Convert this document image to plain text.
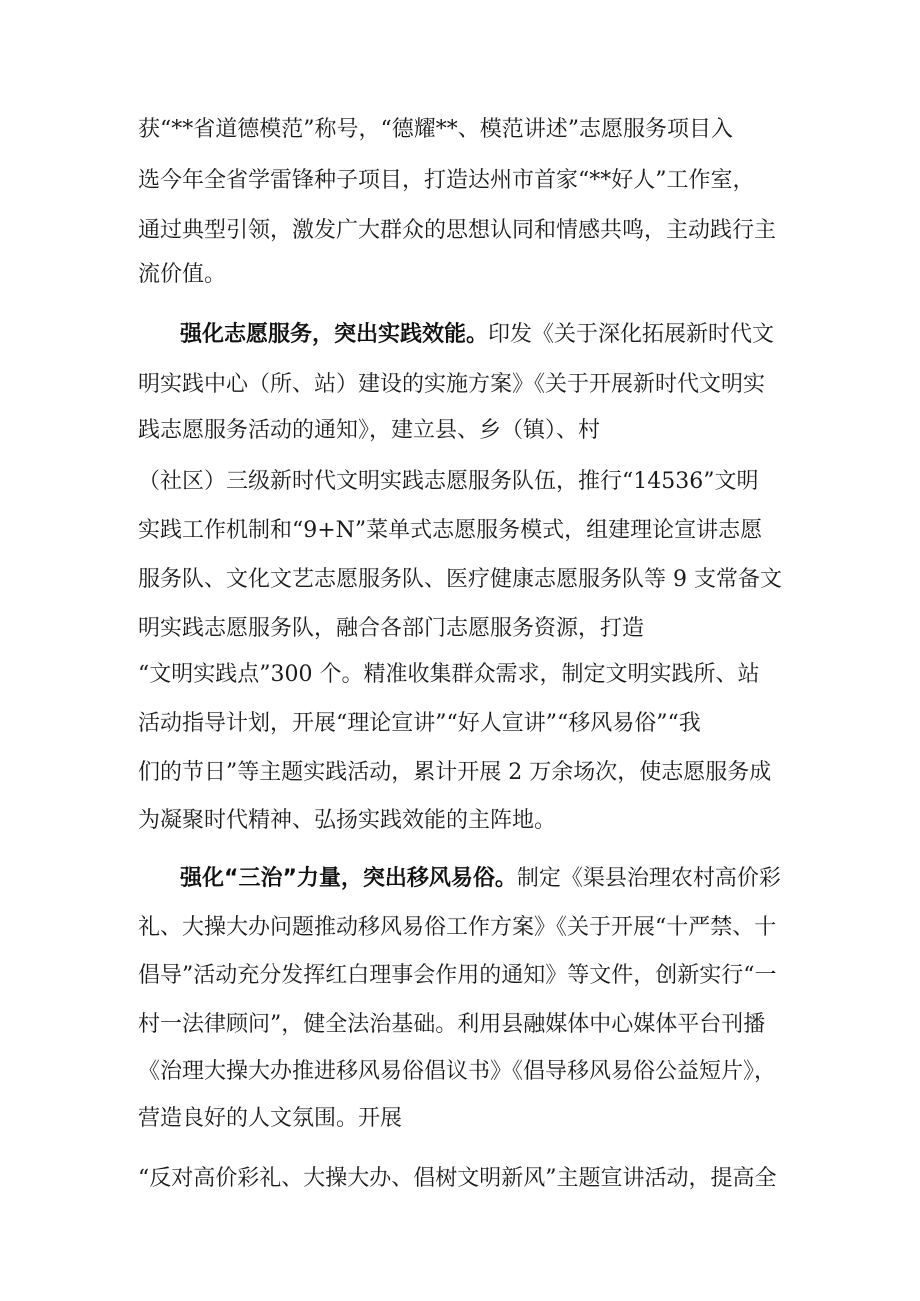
获“**省道德模范”称号，“德耀**、模范讲述”志愿服务项目入

选今年全省学雷锋种子项目，打造达州市首家“**好人”工作室，

通过典型引领，激发广大群众的思想认同和情感共鸣，主动践行主

流价值。

强化志愿服务，突出实践效能。印发《关于深化拓展新时代文

明实践中心（所、站）建设的实施方案》《关于开展新时代文明实

践志愿服务活动的通知》，建立县、乡（镇）、村

（社区）三级新时代文明实践志愿服务队伍，推行“14536”文明

实践工作机制和“9+N”菜单式志愿服务模式，组建理论宣讲志愿

服务队、文化文艺志愿服务队、医疗健康志愿服务队等 9 支常备文

明实践志愿服务队，融合各部门志愿服务资源，打造

“文明实践点”300 个。精准收集群众需求，制定文明实践所、站

活动指导计划，开展“理论宣讲”“好人宣讲”“移风易俗”“我

们的节日”等主题实践活动，累计开展 2 万余场次，使志愿服务成

为凝聚时代精神、弘扬实践效能的主阵地。

强化“三治”力量，突出移风易俗。制定《渠县治理农村高价彩

礼、大操大办问题推动移风易俗工作方案》《关于开展“十严禁、十

倡导”活动充分发挥红白理事会作用的通知》等文件，创新实行“一

村一法律顾问”，健全法治基础。利用县融媒体中心媒体平台刊播

《治理大操大办推进移风易俗倡议书》《倡导移风易俗公益短片》，

营造良好的人文氛围。开展

“反对高价彩礼、大操大办、倡树文明新风”主题宣讲活动，提高全
